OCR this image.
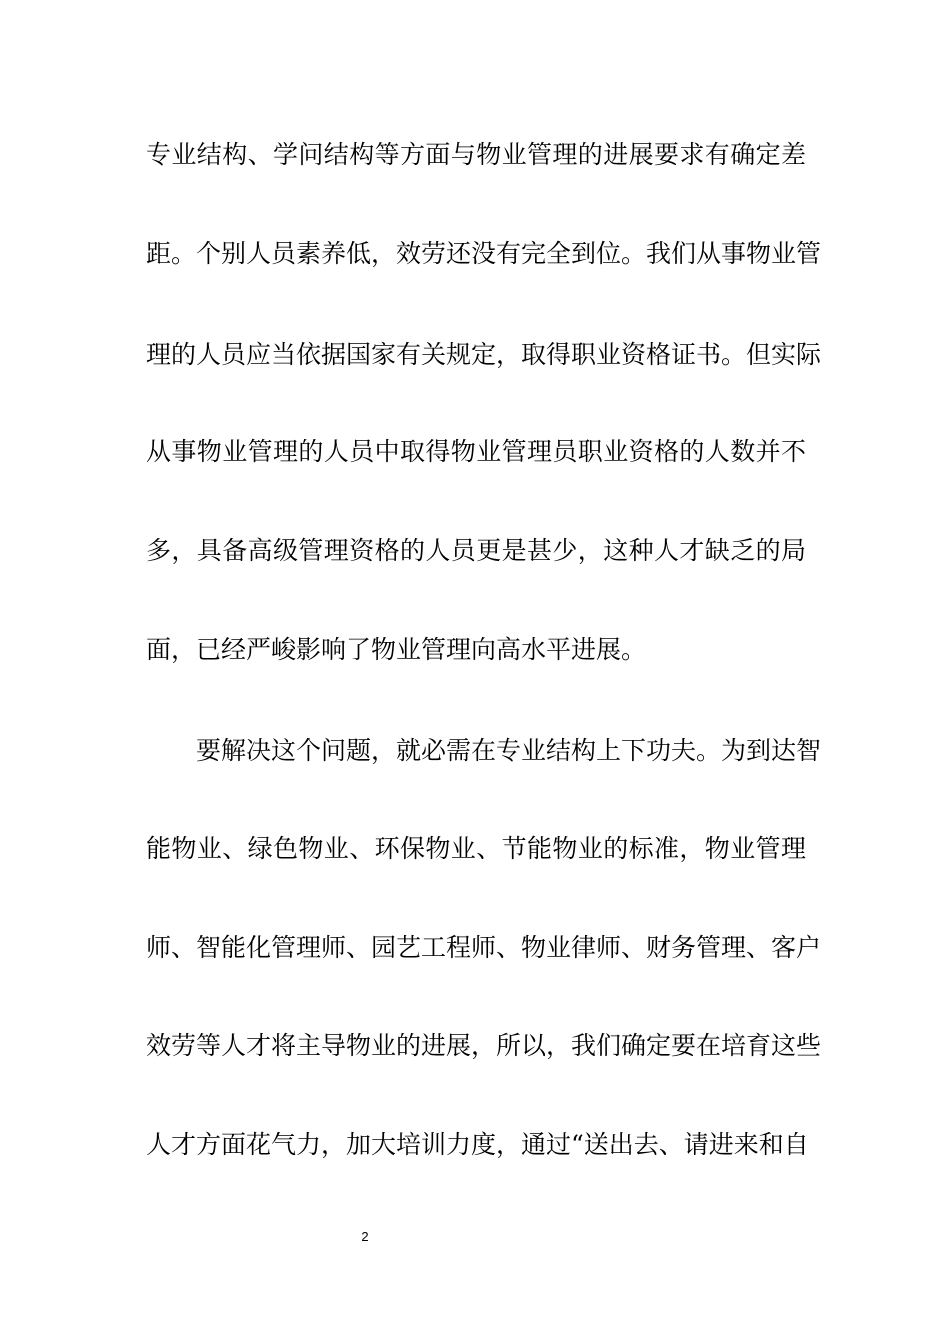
专业结构、学问结构等方面与物业管理的进展要求有确定差
距。个别人员素养低，效劳还没有完全到位。我们从事物业管
理的人员应当依据国家有关规定，取得职业资格证书。但实际
从事物业管理的人员中取得物业管理员职业资格的人数并不
多，具备高级管理资格的人员更是甚少，这种人才缺乏的局
面，已经严峻影响了物业管理向高水平进展。
要解决这个问题，就必需在专业结构上下功夫。为到达智
能物业、绿色物业、环保物业、节能物业的标准，物业管理
师、智能化管理师、园艺工程师、物业律师、财务管理、客户
效劳等人才将主导物业的进展，所以，我们确定要在培育这些
人才方面花气力，加大培训力度，通过“送出去、请进来和自
2
